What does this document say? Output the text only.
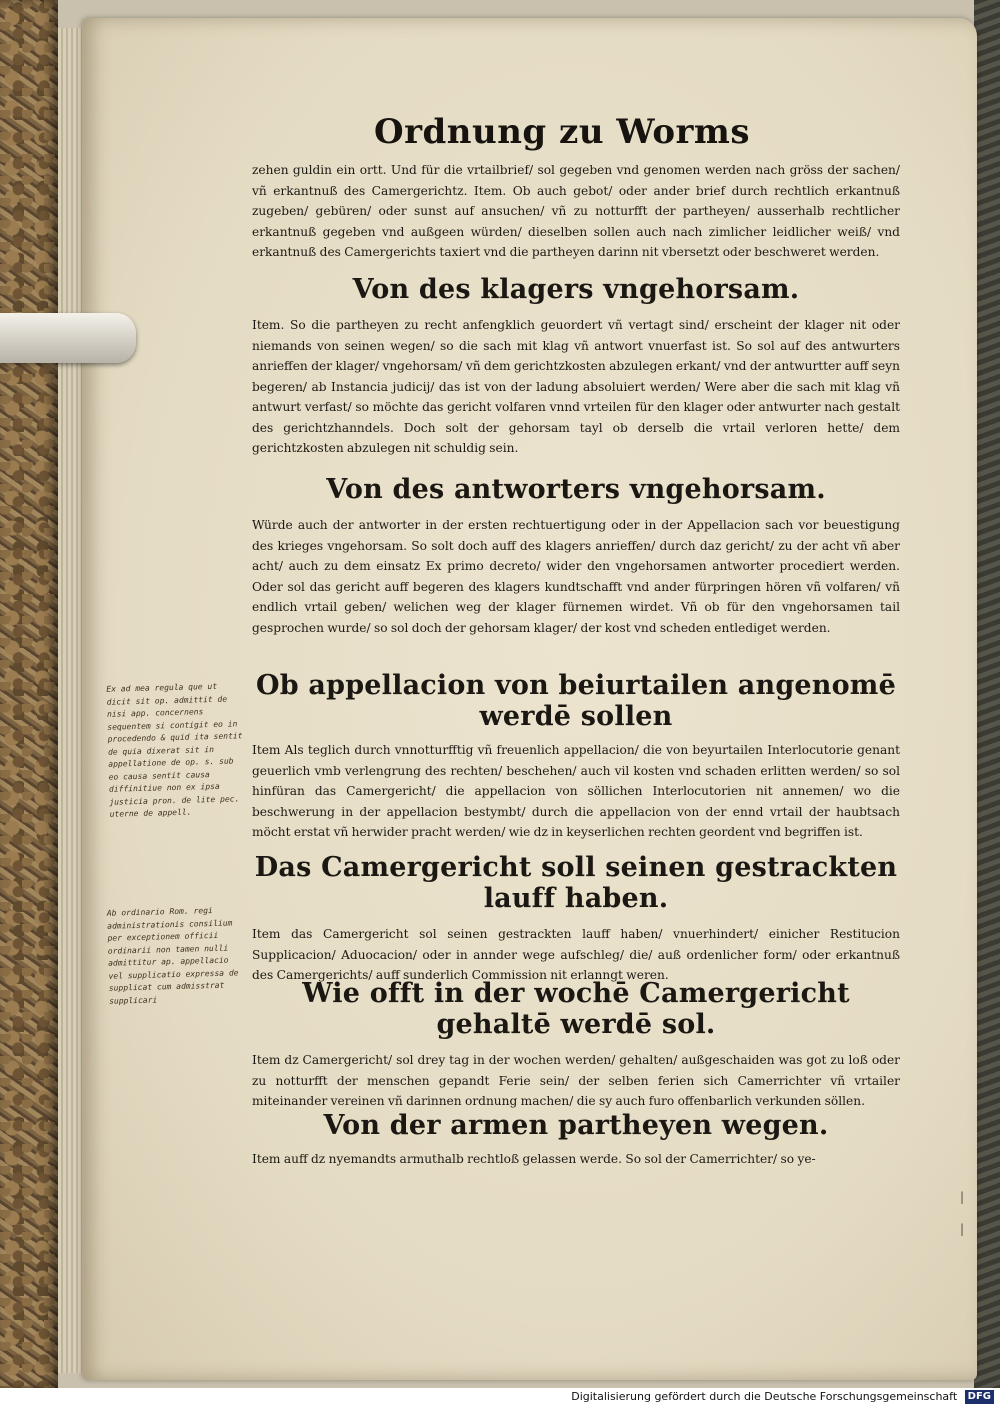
Ordnung zu Worms

zehen guldin ein ortt. Und für die vrtailbrief/ sol gegeben vnd genomen werden nach gröss der sachen/ vñ erkantnuß des Camergerichtz. Item. Ob auch gebot/ oder ander brief durch rechtlich erkantnuß zugeben/ gebüren/ oder sunst auf ansuchen/ vñ zu notturfft der partheyen/ ausserhalb rechtlicher erkantnuß gegeben vnd außgeen würden/ dieselben sollen auch nach zimlicher leidlicher weiß/ vnd erkantnuß des Camergerichts taxiert vnd die partheyen darinn nit vbersetzt oder beschweret werden.

Von des klagers vngehorsam.

Item. So die partheyen zu recht anfengklich geuordert vñ vertagt sind/ erscheint der klager nit oder niemands von seinen wegen/ so die sach mit klag vñ antwort vnuerfast ist. So sol auf des antwurters anrieffen der klager/ vngehorsam/ vñ dem gerichtzkosten abzulegen erkant/ vnd der antwurtter auff seyn begeren/ ab Instancia judicij/ das ist von der ladung absoluiert werden/ Were aber die sach mit klag vñ antwurt verfast/ so möchte das gericht volfaren vnnd vrteilen für den klager oder antwurter nach gestalt des gerichtzhanndels. Doch solt der gehorsam tayl ob derselb die vrtail verloren hette/ dem gerichtzkosten abzulegen nit schuldig sein.

Von des antworters vngehorsam.

Würde auch der antworter in der ersten rechtuertigung oder in der Appellacion sach vor beuestigung des krieges vngehorsam. So solt doch auff des klagers anrieffen/ durch daz gericht/ zu der acht vñ aber acht/ auch zu dem einsatz Ex primo decreto/ wider den vngehorsamen antworter procediert werden. Oder sol das gericht auff begeren des klagers kundtschafft vnd ander fürpringen hören vñ volfaren/ vñ endlich vrtail geben/ welichen weg der klager fürnemen wirdet. Vñ ob für den vngehorsamen tail gesprochen wurde/ so sol doch der gehorsam klager/ der kost vnd scheden entlediget werden.

Ob appellacion von beiurtailen angenomē werdē sollen

Item Als teglich durch vnnotturfftig vñ freuenlich appellacion/ die von beyurtailen Interlocutorie genant geuerlich vmb verlengrung des rechten/ beschehen/ auch vil kosten vnd schaden erlitten werden/ so sol hinfüran das Camergericht/ die appellacion von söllichen Interlocutorien nit annemen/ wo die beschwerung in der appellacion bestymbt/ durch die appellacion von der ennd vrtail der haubtsach möcht erstat vñ herwider pracht werden/ wie dz in keyserlichen rechten geordent vnd begriffen ist.

Das Camergericht soll seinen gestrackten lauff haben.

Item das Camergericht sol seinen gestrackten lauff haben/ vnuerhindert/ einicher Restitucion Supplicacion/ Aduocacion/ oder in annder wege aufschleg/ die/ auß ordenlicher form/ oder erkantnuß des Camergerichts/ auff sunderlich Commission nit erlanngt weren.

Wie offt in der wochē Camergericht gehaltē werdē sol.

Item dz Camergericht/ sol drey tag in der wochen werden/ gehalten/ außgeschaiden was got zu loß oder zu notturfft der menschen gepandt Ferie sein/ der selben ferien sich Camerrichter vñ vrtailer miteinander vereinen vñ darinnen ordnung machen/ die sy auch furo offenbarlich verkunden söllen.

Von der armen partheyen wegen.

Item auff dz nyemandts armuthalb rechtloß gelassen werde. So sol der Camerrichter/ so ye-

Ex ad mea regula que ut dicit sit op. admittit de nisi app. concernens sequentem si contigit eo in procedendo & quid ita sentit de quia dixerat sit in appellatione de op. s. sub eo causa sentit causa diffinitiue non ex ipsa justicia pron. de lite pec. uterne de appell.
Ab ordinario Rom. regi administrationis consilium per exceptionem officii ordinarii non tamen nulli admittitur ap. appellacio vel supplicatio expressa de supplicat cum admisstrat supplicari
|
|
Digitalisierung gefördert durch die Deutsche Forschungsgemeinschaft DFG
